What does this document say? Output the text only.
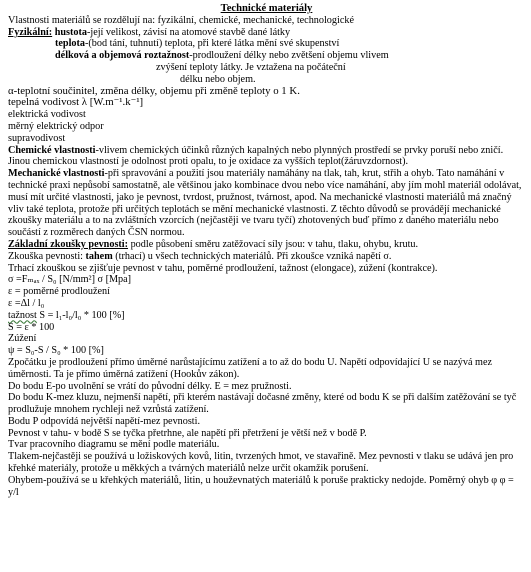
Technické materiály
Vlastnosti materiálů se rozdělují na: fyzikální, chemické, mechanické, technologické
Fyzikální: hustota-její velikost, závisí na atomové stavbě dané látky
teplota-(bod tání, tuhnutí) teplota, při které látka mění své skupenství
délková a objemová roztažnost-prodloužení délky nebo zvětšení objemu vlivem
zvýšení teploty látky. Je vztažena na počáteční
délku nebo objem.
α-teplotní součinitel, změna délky, objemu při změně teploty o 1 K.
tepelná vodivost λ [W.m⁻¹.k⁻¹]
elektrická vodivost
měrný elektrický odpor
supravodivost
Chemické vlastnosti-vlivem chemických účinků různých kapalných nebo plynných prostředí se prvky poruší nebo zničí. Jinou chemickou vlastností je odolnost proti opalu, to je oxidace za vyšších teplot(žáruvzdornost).
Mechanické vlastnosti-při spravování a použití jsou materiály namáhány na tlak, tah, krut, střih a ohyb. Tato namáhání v technické praxi nepůsobí samostatně, ale většinou jako kombinace dvou nebo více namáhání, aby jím mohl materiál odolávat, musí mít určité vlastnosti, jako je pevnost, tvrdost, pružnost, tvárnost, apod. Na mechanické vlastnosti materiálů má značný vliv také teplota, protože při určitých teplotách se mění mechanické vlastnosti. Z těchto důvodů se provádějí mechanické zkoušky materiálu a to na zvláštních vzorcích (nejčastěji ve tvaru tyčí) zhotovených buď přímo z daného materiálu nebo součástí z rozměrech daných ČSN normou.
Základní zkoušky pevnosti: podle působení směru zatěžovací síly jsou: v tahu, tlaku, ohybu, krutu.
Zkouška pevnosti: tahem (trhací) u všech technických materiálů. Při zkoušce vzniká napětí σ.
Trhací zkouškou se zjišťuje pevnost v tahu, poměrné prodloužení, tažnost (elongace), zúžení (kontrakce).
σ =Fₘₐₓ / S₀ [N/mm²] σ [Mpa]
ε = poměrné prodloužení
ε =Δl / l₀
tažnost S = l₁-l₀/l₀ * 100 [%]
S = ε * 100
Zúžení
ψ = S₀-S / S₀ * 100 [%]
Zpočátku je prodloužení přímo úměrné narůstajícímu zatížení a to až do bodu U. Napětí odpovídající U se nazývá mez úměrnosti. Ta je přímo úměrná zatížení (Hookův zákon).
Do bodu E-po uvolnění se vrátí do původní délky. E = mez pružnosti.
Do bodu K-mez kluzu, nejmenší napětí, při kterém nastávají dočasné změny, které od bodu K se při dalším zatěžování se tyč prodlužuje mnohem rychleji než vzrůstá zatížení.
Bodu P odpovídá největší napětí-mez pevnosti.
Pevnost v tahu- v bodě S se tyčka přetrhne, ale napětí při přetržení je větší než v bodě P.
Tvar pracovního diagramu se mění podle materiálu.
Tlakem-nejčastěji se používá u ložiskových kovů, litin, tvrzených hmot, ve stavařině. Mez pevnosti v tlaku se udává jen pro křehké materiály, protože u měkkých a tvárných materiálů nelze určit okamžik porušení.
Ohybem-používá se u křehkých materiálů, litin, u houževnatých materiálů k poruše prakticky nedojde. Poměrný ohyb φ φ = y/l
